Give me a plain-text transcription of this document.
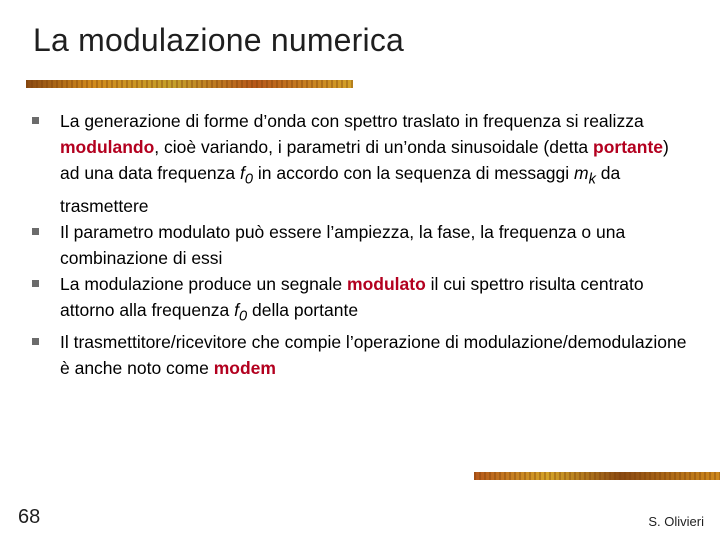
La modulazione numerica
La generazione di forme d’onda con spettro traslato in frequenza si realizza modulando, cioè variando, i parametri di un’onda sinusoidale (detta portante) ad una data frequenza $f_0$ in accordo con la sequenza di messaggi $m_k$ da trasmettere
Il parametro modulato può essere l’ampiezza, la fase, la frequenza o una combinazione di essi
La modulazione produce un segnale modulato il cui spettro risulta centrato attorno alla frequenza $f_0$ della portante
Il trasmettitore/ricevitore che compie l’operazione di modulazione/demodulazione è anche noto come modem
68	S. Olivieri
